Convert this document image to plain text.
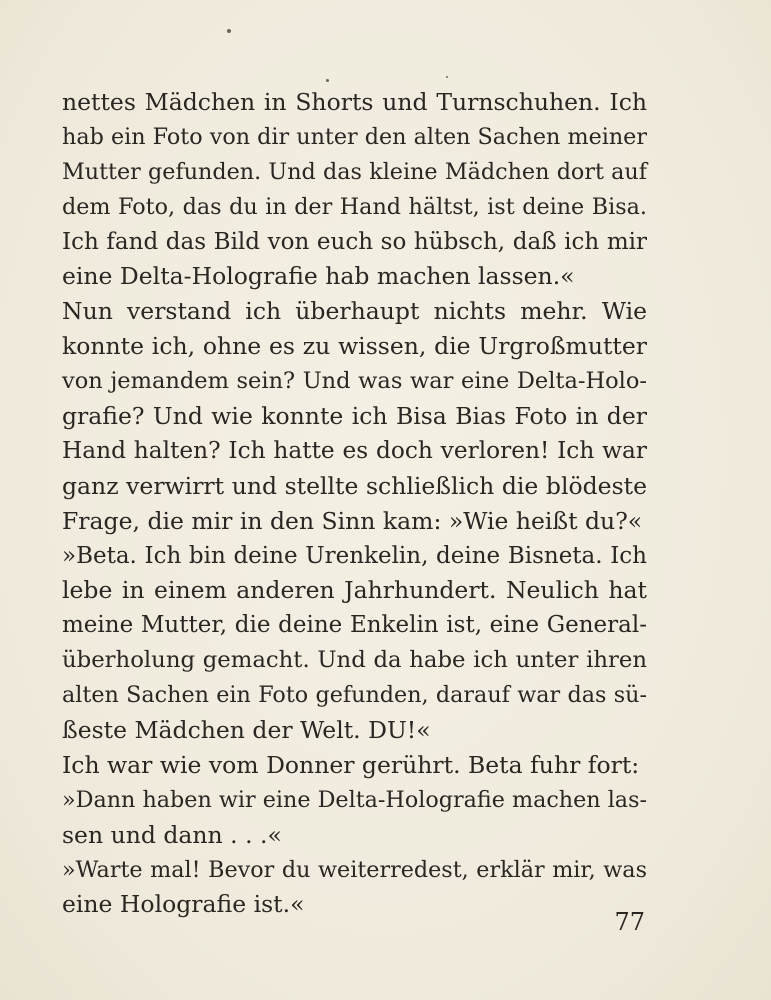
nettes Mädchen in Shorts und Turnschuhen. Ich
hab ein Foto von dir unter den alten Sachen meiner
Mutter gefunden. Und das kleine Mädchen dort auf
dem Foto, das du in der Hand hältst, ist deine Bisa.
Ich fand das Bild von euch so hübsch, daß ich mir
eine Delta-Holografie hab machen lassen.«
Nun verstand ich überhaupt nichts mehr. Wie
konnte ich, ohne es zu wissen, die Urgroßmutter
von jemandem sein? Und was war eine Delta-Holo-
grafie? Und wie konnte ich Bisa Bias Foto in der
Hand halten? Ich hatte es doch verloren! Ich war
ganz verwirrt und stellte schließlich die blödeste
Frage, die mir in den Sinn kam: »Wie heißt du?«
»Beta. Ich bin deine Urenkelin, deine Bisneta. Ich
lebe in einem anderen Jahrhundert. Neulich hat
meine Mutter, die deine Enkelin ist, eine General-
überholung gemacht. Und da habe ich unter ihren
alten Sachen ein Foto gefunden, darauf war das sü-
ßeste Mädchen der Welt. DU!«
Ich war wie vom Donner gerührt. Beta fuhr fort:
»Dann haben wir eine Delta-Holografie machen las-
sen und dann . . .«
»Warte mal! Bevor du weiterredest, erklär mir, was
eine Holografie ist.«
77
